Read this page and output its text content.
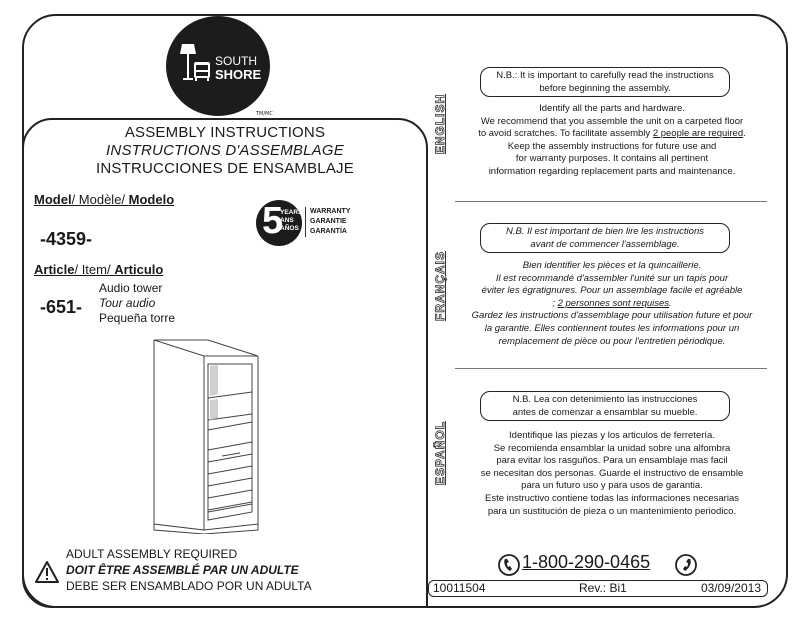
SOUTH
SHORE
TM/MC
ASSEMBLY INSTRUCTIONS
INSTRUCTIONS D'ASSEMBLAGE
INSTRUCCIONES DE ENSAMBLAJE
Model/ Modèle/ Modelo
-4359-	5
YEARS
ANS
AÑOS
WARRANTY
GARANTIE
GARANTÍA
Article/ Item/ Articulo
-651-
Audio tower
Tour audio
Pequeña torre
ADULT ASSEMBLY REQUIRED
DOIT ÊTRE ASSEMBLÉ PAR UN ADULTE
DEBE SER ENSAMBLADO POR UN ADULTA
ENGLISH
N.B.: It is important to carefully read the instructions
before beginning the assembly.
Identify all the parts and hardware.
We recommend that you assemble the unit on a carpeted floor
to avoid scratches. To facilitate assembly 2 people are required.
Keep the assembly instructions for future use and
for warranty purposes. It contains all pertinent
information regarding replacement parts and maintenance.
FRANÇAIS
N.B. Il est important de bien lire les instructions
avant de commencer l'assemblage.
Bien identifier les pièces et la quincaillerie.
Il est recommandé d'assembler l'unité sur un tapis pour
éviter les égratignures. Pour un assemblage facile et agréable
; 2 personnes sont requises.
Gardez les instructions d'assemblage pour utilisation future et pour
la garantie. Elles contiennent toutes les informations pour un
remplacement de pièce ou pour l'entretien périodique.
ESPAÑOL
N.B. Lea con detenimiento las instrucciones
antes de comenzar a ensamblar su mueble.
Identifique las piezas y los articulos de ferretería.
Se recomienda ensamblar la unidad sobre una alfombra
para evitar los rasguños. Para un ensamblaje mas facil
se necesitan dos personas. Guarde el instructivo de ensamble
para un futuro uso y para usos de garantia.
Este instructivo contiene todas las informaciones necesarias
para un sustitución de pieza o un mantenimiento periodico.
1-800-290-0465
10011504	Rev.: Bi1	03/09/2013
